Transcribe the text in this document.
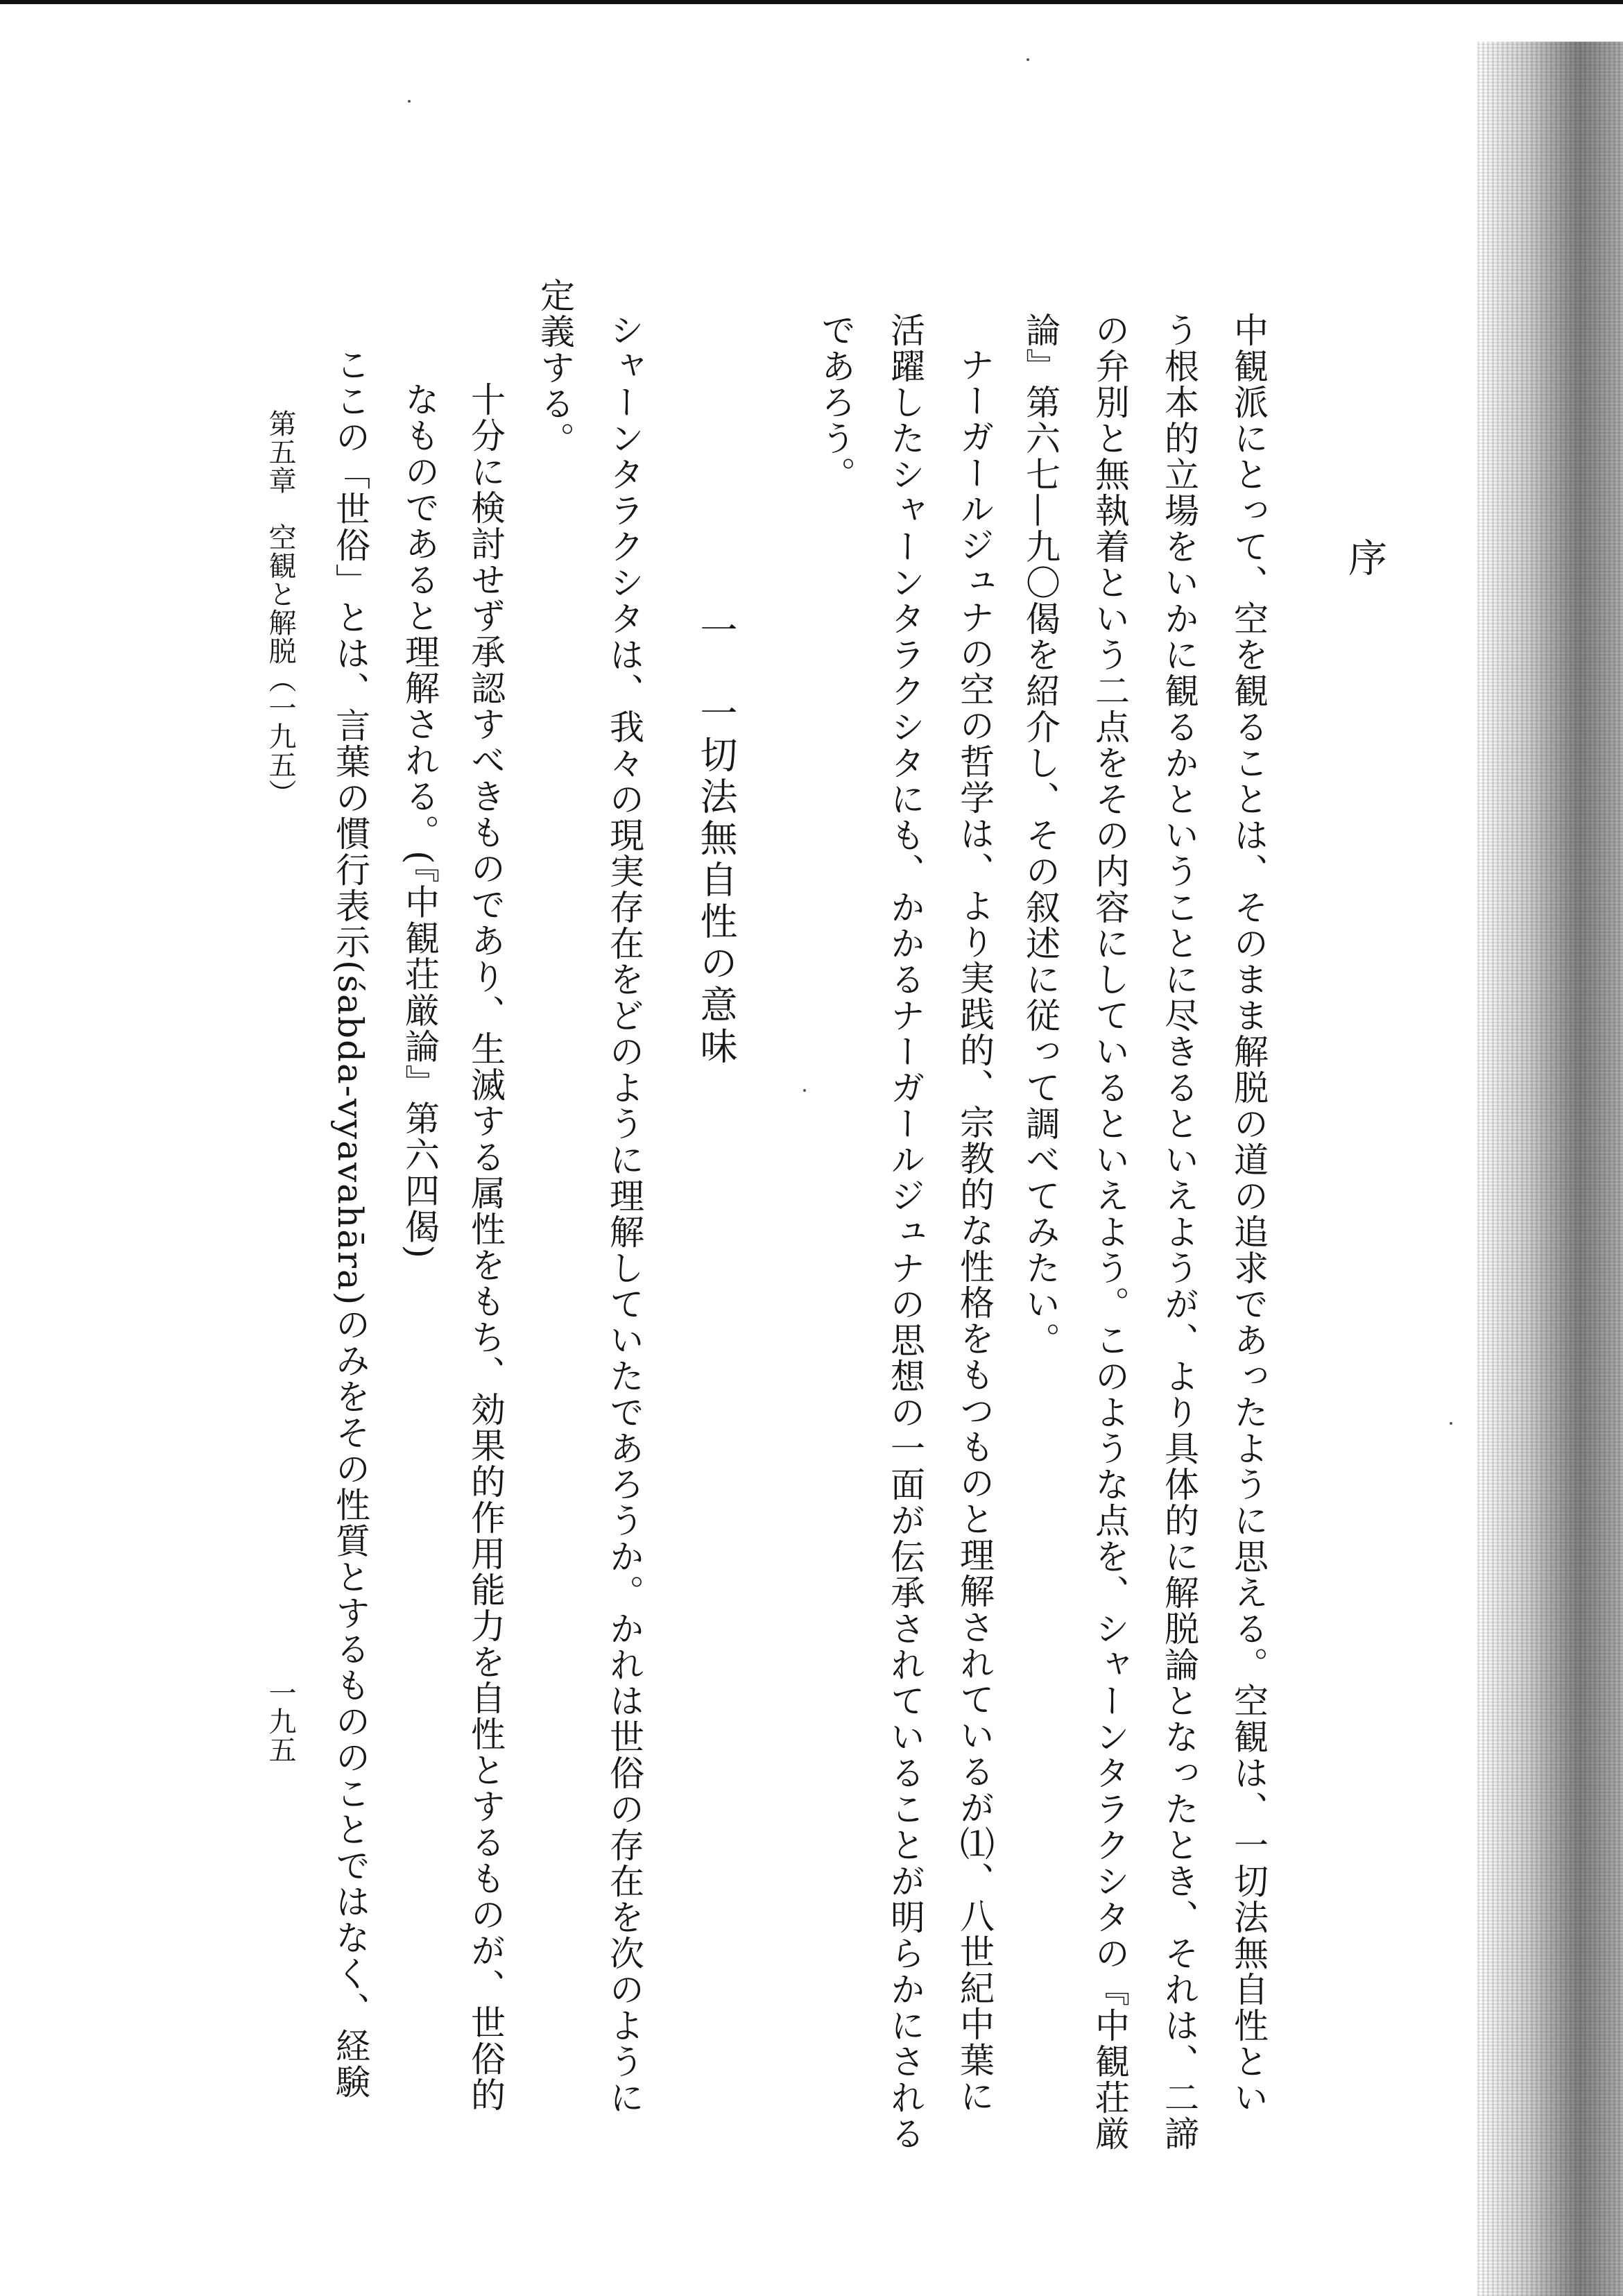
序
中観派にとって、空を観ることは、そのまま解脱の道の追求であったように思える。空観は、一切法無自性とい
う根本的立場をいかに観るかということに尽きるといえようが、より具体的に解脱論となったとき、それは、二諦
の弁別と無執着という二点をその内容にしているといえよう。このような点を、シャーンタラクシタの『中観荘厳
論』第六七—九〇偈を紹介し、その叙述に従って調べてみたい。
ナーガールジュナの空の哲学は、より実践的、宗教的な性格をもつものと理解されているが⑴、八世紀中葉に
活躍したシャーンタラクシタにも、かかるナーガールジュナの思想の一面が伝承されていることが明らかにされる
であろう。
一　一切法無自性の意味
シャーンタラクシタは、我々の現実存在をどのように理解していたであろうか。かれは世俗の存在を次のように
定義する。
十分に検討せず承認すべきものであり、生滅する属性をもち、効果的作用能力を自性とするものが、世俗的
なものであると理解される。(『中観荘厳論』第六四偈)
ここの「世俗」とは、言葉の慣行表示(śabda-vyavahāra)のみをその性質とするもののことではなく、経験
第五章　空観と解脱（一九五）
一九五
